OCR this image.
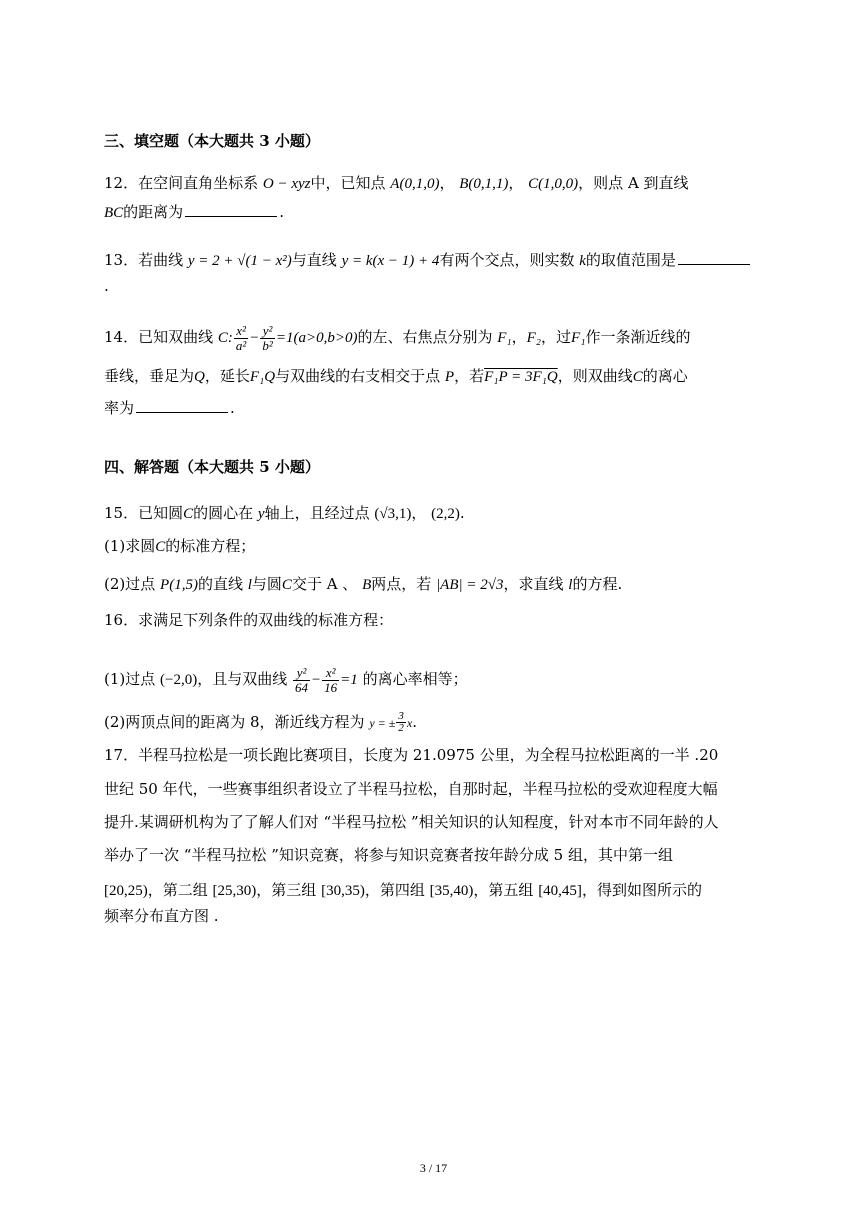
三、填空题（本大题共 3 小题）
12．在空间直角坐标系 O − xyz中，已知点 A(0,1,0)， B(0,1,1)， C(1,0,0)，则点 A 到直线
BC的距离为	.
13．若曲线 y = 2 + √(1 − x²)与直线 y = k(x − 1) + 4有两个交点，则实数 k的取值范围是
.
14．已知双曲线 C: $\frac{\text{x²}}{\text{a²}} - \frac{\text{y²}}{\text{b²}} =1(a>0,b>0)$的左、右焦点分别为 F₁，F₂，过F₁作一条渐近线的
垂线，垂足为Q，延长F₁Q与双曲线的右支相交于点 P，若F₁P = 3F₁Q，则双曲线C的离心
率为	.
四、解答题（本大题共 5 小题）
15．已知圆C的圆心在 y轴上，且经过点 (√3,1)， (2,2).
(1)求圆C的标准方程；
(2)过点 P(1,5)的直线 l与圆C交于 A 、 B两点，若 |AB| = 2√3，求直线 l的方程.
16．求满足下列条件的双曲线的标准方程：
(1)过点 (−2,0)，且与双曲线 $\frac{\text{y²}}{64} - \frac{\text{x²}}{16} =1$ 的离心率相等；
(2)两顶点间的距离为 8，渐近线方程为 y = ± $\frac{3}{2} x$.
17．半程马拉松是一项长跑比赛项目，长度为 21.0975 公里，为全程马拉松距离的一半 .20
世纪 50 年代，一些赛事组织者设立了半程马拉松，自那时起，半程马拉松的受欢迎程度大幅
提升.某调研机构为了了解人们对 “半程马拉松 ”相关知识的认知程度，针对本市不同年龄的人
举办了一次 “半程马拉松 ”知识竞赛，将参与知识竞赛者按年龄分成 5 组，其中第一组
[20,25)，第二组 [25,30)，第三组 [30,35)，第四组 [35,40)，第五组 [40,45]，得到如图所示的
频率分布直方图 .
3 / 17
